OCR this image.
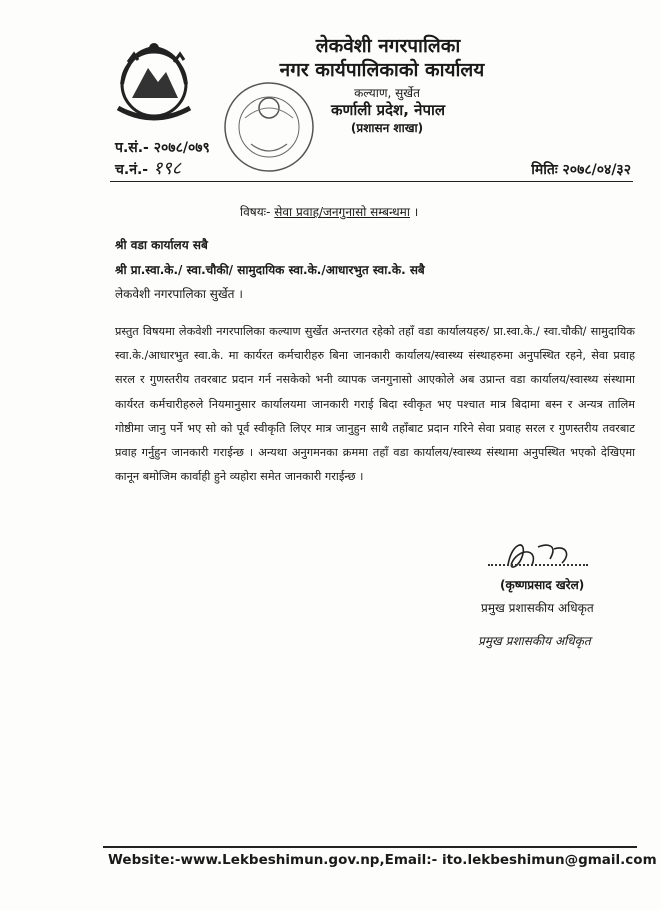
लेकवेशी नगरपालिका
नगर कार्यपालिकाको कार्यालय
कल्याण, सुर्खेत
कर्णाली प्रदेश, नेपाल
(प्रशासन शाखा)
प.सं.- २०७८/०७९
च.नं.- १९८	मितिः २०७८/०४/३२
विषयः- सेवा प्रवाह/जनगुनासो सम्बन्धमा ।
श्री वडा कार्यालय सबै
श्री प्रा.स्वा.के./ स्वा.चौकी/ सामुदायिक स्वा.के./आधारभुत स्वा.के. सबै
लेकवेशी नगरपालिका सुर्खेत ।
प्रस्तुत विषयमा लेकवेशी नगरपालिका कल्याण सुर्खेत अन्तरगत रहेको तहाँ वडा कार्यालयहरु/ प्रा.स्वा.के./ स्वा.चौकी/ सामुदायिक स्वा.के./आधारभुत स्वा.के. मा कार्यरत कर्मचारीहरु बिना जानकारी कार्यालय/स्वास्थ्य संस्थाहरुमा अनुपस्थित रहने, सेवा प्रवाह सरल र गुणस्तरीय तवरबाट प्रदान गर्न नसकेको भनी व्यापक जनगुनासो आएकोले अब उप्रान्त वडा कार्यालय/स्वास्थ्य संस्थामा कार्यरत कर्मचारीहरुले नियमानुसार कार्यालयमा जानकारी गराई बिदा स्वीकृत भए पश्चात मात्र बिदामा बस्न र अन्यत्र तालिम गोष्ठीमा जानु पर्ने भए सो को पूर्व स्वीकृति लिएर मात्र जानुहुन साथै तहाँबाट प्रदान गरिने सेवा प्रवाह सरल र गुणस्तरीय तवरबाट प्रवाह गर्नुहुन जानकारी गराईन्छ । अन्यथा अनुगमनका क्रममा तहाँ वडा कार्यालय/स्वास्थ्य संस्थामा अनुपस्थित भएको देखिएमा कानून बमोजिम कार्वाही हुने व्यहोरा समेत जानकारी गराईन्छ ।
(कृष्णप्रसाद खरेल)
प्रमुख प्रशासकीय अधिकृत
प्रमुख प्रशासकीय अधिकृत
Website:-www.Lekbeshimun.gov.np,Email:- ito.lekbeshimun@gmail.com
